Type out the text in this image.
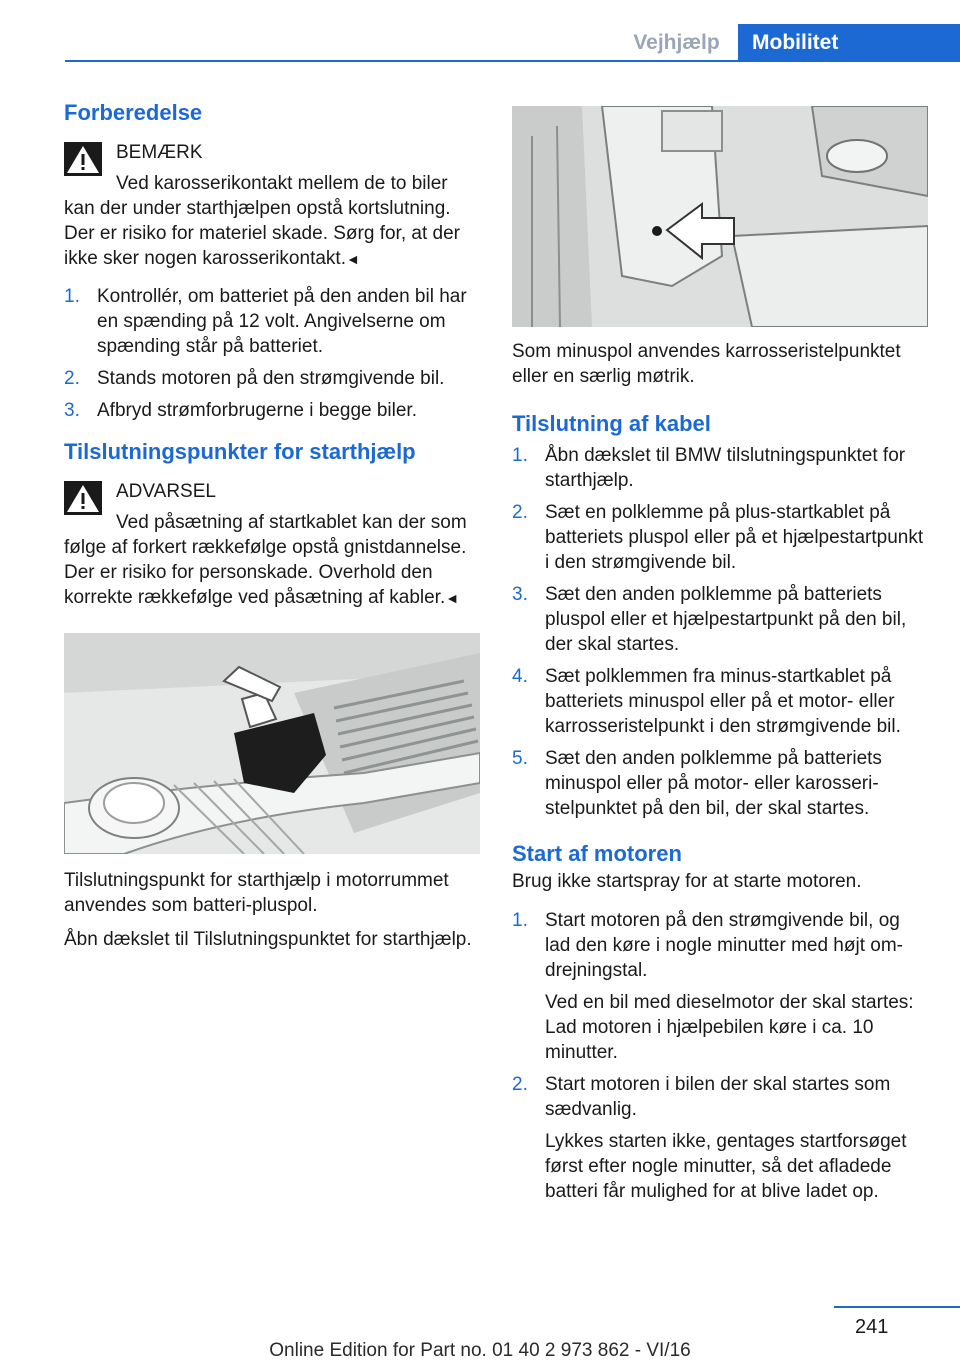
Vejhjælp	Mobilitet
Forberedelse
BEMÆRK
Ved karosserikontakt mellem de to biler kan der under starthjælpen opstå kortslutning. Der er risiko for materiel skade. Sørg for, at der ikke sker nogen karosserikontakt.◄
1. Kontrollér, om batteriet på den anden bil har en spænding på 12 volt. Angivelserne om spænding står på batteriet.
2. Stands motoren på den strømgivende bil.
3. Afbryd strømforbrugerne i begge biler.
Tilslutningspunkter for starthjælp
ADVARSEL
Ved påsætning af startkablet kan der som følge af forkert rækkefølge opstå gnistdannelse. Der er risiko for personskade. Overhold den korrekte rækkefølge ved påsætning af kabler.◄

Tilslutningspunkt for starthjælp i motorrummet anvendes som batteri-pluspol.

Åbn dækslet til Tilslutningspunktet for starthjælp.

Som minuspol anvendes karrosseristelpunktet eller en særlig møtrik.

Tilslutning af kabel
1. Åbn dækslet til BMW tilslutningspunktet for starthjælp.
2. Sæt en polklemme på plus-startkablet på batteriets pluspol eller på et hjælpestartpunkt i den strømgivende bil.
3. Sæt den anden polklemme på batteriets pluspol eller et hjælpestartpunkt på den bil, der skal startes.
4. Sæt polklemmen fra minus-startkablet på batteriets minuspol eller på et motor- eller karrosseristelpunkt i den strømgivende bil.
5. Sæt den anden polklemme på batteriets minuspol eller på motor- eller karosseristelpunktet på den bil, der skal startes.
Start af motoren

Brug ikke startspray for at starte motoren.

1. Start motoren på den strømgivende bil, og lad den køre i nogle minutter med højt omdrejningstal.
Ved en bil med dieselmotor der skal startes: Lad motoren i hjælpebilen køre i ca. 10 minutter.
2. Start motoren i bilen der skal startes som sædvanlig.
Lykkes starten ikke, gentages startforsøget først efter nogle minutter, så det afladede batteri får mulighed for at blive ladet op.
241
Online Edition for Part no. 01 40 2 973 862 - VI/16
